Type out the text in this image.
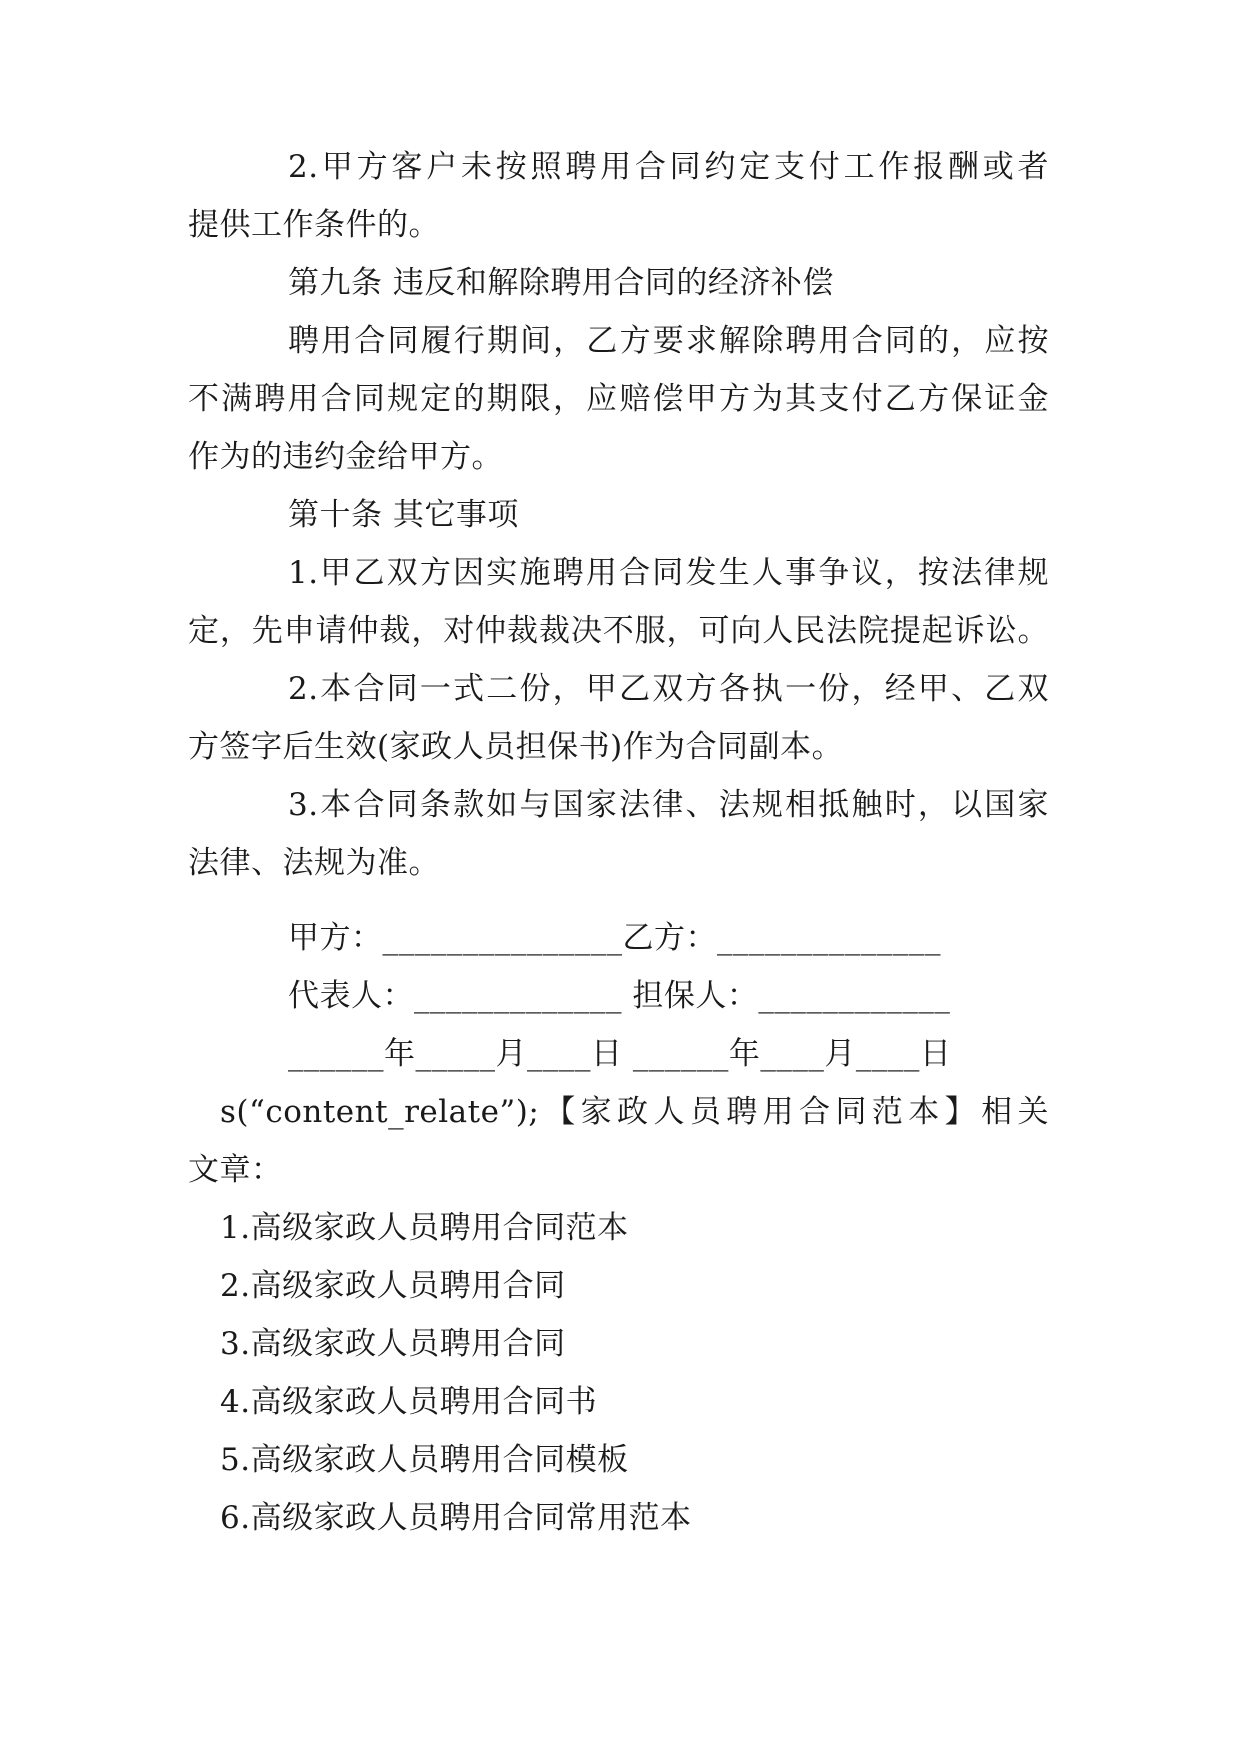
2.甲方客户未按照聘用合同约定支付工作报酬或者
提供工作条件的。
第九条 违反和解除聘用合同的经济补偿
聘用合同履行期间，乙方要求解除聘用合同的，应按
不满聘用合同规定的期限，应赔偿甲方为其支付乙方保证金
作为的违约金给甲方。
第十条 其它事项
1.甲乙双方因实施聘用合同发生人事争议，按法律规
定，先申请仲裁，对仲裁裁决不服，可向人民法院提起诉讼。
2.本合同一式二份，甲乙双方各执一份，经甲、乙双
方签字后生效(家政人员担保书)作为合同副本。
3.本合同条款如与国家法律、法规相抵触时，以国家
法律、法规为准。
甲方：_______________乙方：______________
代表人：_____________ 担保人：____________
______年_____月____日 ______年____月____日
s(“content_relate”);【家政人员聘用合同范本】相关
文章：
1.高级家政人员聘用合同范本
2.高级家政人员聘用合同
3.高级家政人员聘用合同
4.高级家政人员聘用合同书
5.高级家政人员聘用合同模板
6.高级家政人员聘用合同常用范本
